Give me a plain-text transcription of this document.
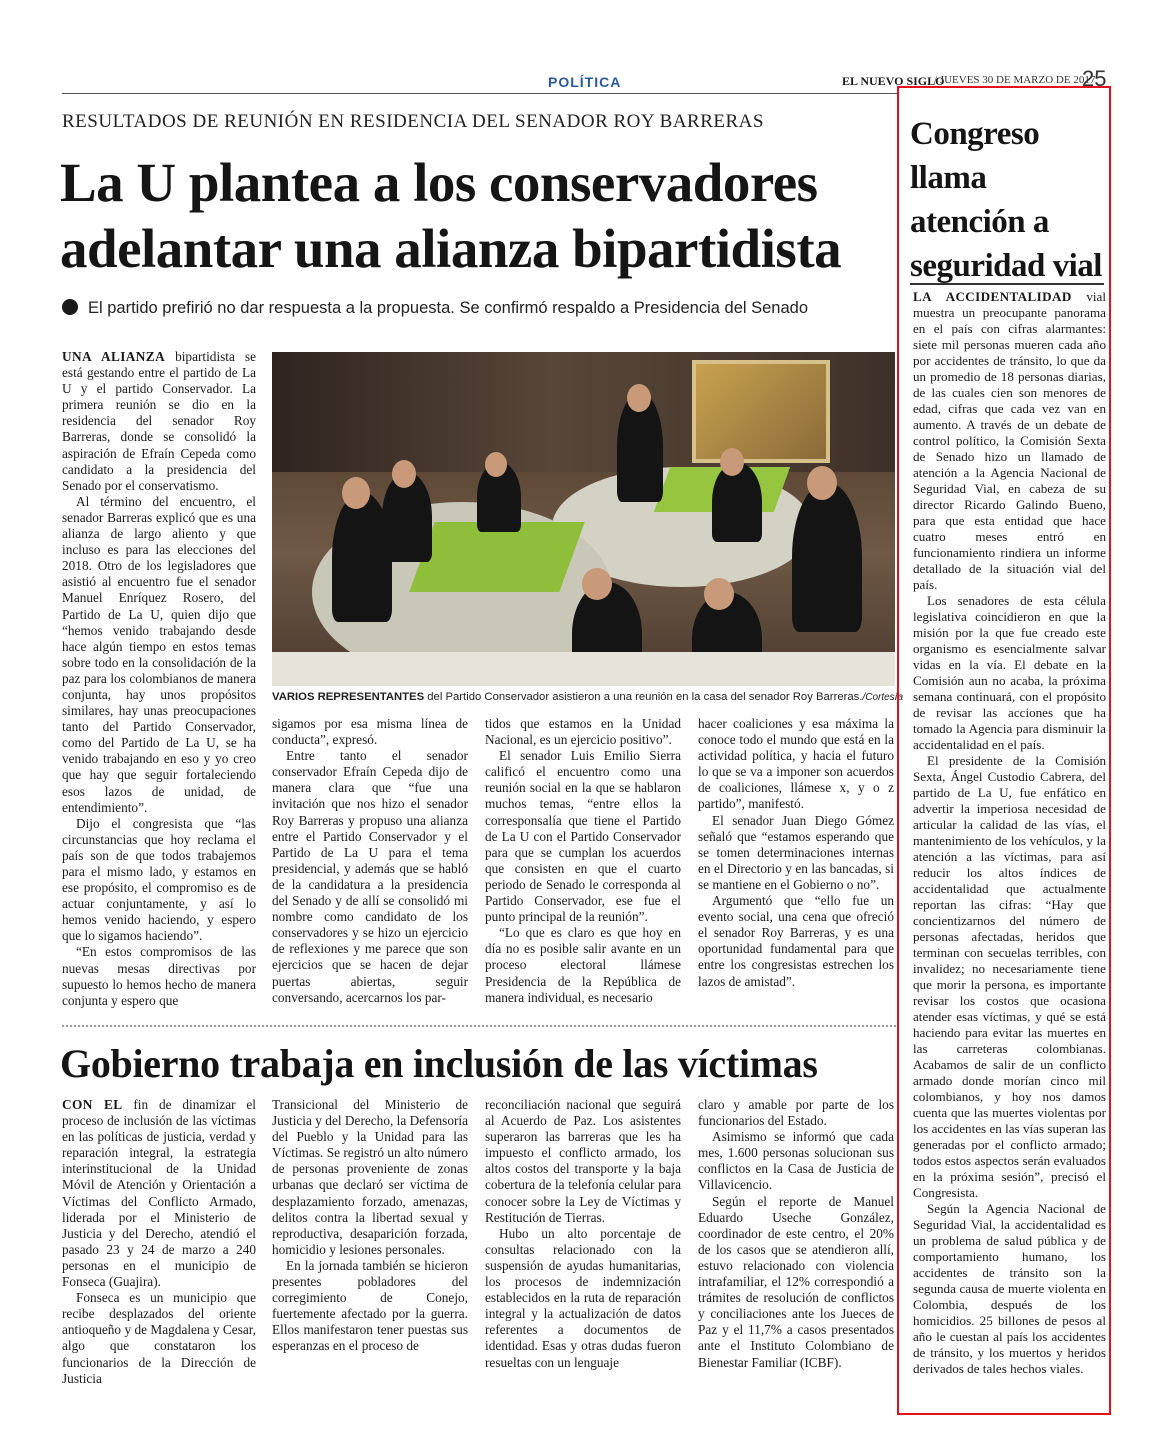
POLÍTICA	EL NUEVO SIGLO
/ JUEVES 30 DE MARZO DE 2017
25
RESULTADOS DE REUNIÓN EN RESIDENCIA DEL SENADOR ROY BARRERAS
La U plantea a los conservadores
adelantar una alianza bipartidista
El partido prefirió no dar respuesta a la propuesta. Se confirmó respaldo a Presidencia del Senado

UNA ALIANZA bipartidista se está gestando entre el partido de La U y el partido Conservador. La primera reunión se dio en la residencia del senador Roy Barreras, donde se consolidó la aspiración de Efraín Cepeda como candidato a la presidencia del Senado por el conservatismo.

Al término del encuentro, el senador Barreras explicó que es una alianza de largo aliento y que incluso es para las elecciones del 2018. Otro de los legisladores que asistió al encuentro fue el senador Manuel Enríquez Rosero, del Partido de La U, quien dijo que “hemos venido trabajando desde hace algún tiempo en estos temas sobre todo en la consolidación de la paz para los colombianos de manera conjunta, hay unos propósitos similares, hay unas preocupaciones tanto del Partido Conservador, como del Partido de La U, se ha venido trabajando en eso y yo creo que hay que seguir fortaleciendo esos lazos de unidad, de entendimiento”.

Dijo el congresista que “las circunstancias que hoy reclama el país son de que todos trabajemos para el mismo lado, y estamos en ese propósito, el compromiso es de actuar conjuntamente, y así lo hemos venido haciendo, y espero que lo sigamos haciendo”.

“En estos compromisos de las nuevas mesas directivas por supuesto lo hemos hecho de manera conjunta y espero que

VARIOS REPRESENTANTES del Partido Conservador asistieron a una reunión en la casa del senador Roy Barreras./Cortesía

sigamos por esa misma línea de conducta”, expresó.

Entre tanto el senador conservador Efraín Cepeda dijo de manera clara que “fue una invitación que nos hizo el senador Roy Barreras y propuso una alianza entre el Partido Conservador y el Partido de La U para el tema presidencial, y además que se habló de la candidatura a la presidencia del Senado y de allí se consolidó mi nombre como candidato de los conservadores y se hizo un ejercicio de reflexiones y me parece que son ejercicios que se hacen de dejar puertas abiertas, seguir conversando, acercarnos los par-

tidos que estamos en la Unidad Nacional, es un ejercicio positivo”.

El senador Luis Emilio Sierra calificó el encuentro como una reunión social en la que se hablaron muchos temas, “entre ellos la corresponsalía que tiene el Partido de La U con el Partido Conservador para que se cumplan los acuerdos que consisten en que el cuarto periodo de Senado le corresponda al Partido Conservador, ese fue el punto principal de la reunión”.

“Lo que es claro es que hoy en día no es posible salir avante en un proceso electoral llámese Presidencia de la República de manera individual, es necesario

hacer coaliciones y esa máxima la conoce todo el mundo que está en la actividad política, y hacia el futuro lo que se va a imponer son acuerdos de coaliciones, llámese x, y o z partido”, manifestó.

El senador Juan Diego Gómez señaló que “estamos esperando que se tomen determinaciones internas en el Directorio y en las bancadas, si se mantiene en el Gobierno o no”.

Argumentó que “ello fue un evento social, una cena que ofreció el senador Roy Barreras, y es una oportunidad fundamental para que entre los congresistas estrechen los lazos de amistad”.

Gobierno trabaja en inclusión de las víctimas

CON EL fin de dinamizar el proceso de inclusión de las víctimas en las políticas de justicia, verdad y reparación integral, la estrategia interinstitucional de la Unidad Móvil de Atención y Orientación a Víctimas del Conflicto Armado, liderada por el Ministerio de Justicia y del Derecho, atendió el pasado 23 y 24 de marzo a 240 personas en el municipio de Fonseca (Guajira).

Fonseca es un municipio que recibe desplazados del oriente antioqueño y de Magdalena y Cesar, algo que constataron los funcionarios de la Dirección de Justicia

Transicional del Ministerio de Justicia y del Derecho, la Defensoría del Pueblo y la Unidad para las Víctimas. Se registró un alto número de personas proveniente de zonas urbanas que declaró ser víctima de desplazamiento forzado, amenazas, delitos contra la libertad sexual y reproductiva, desaparición forzada, homicidio y lesiones personales.

En la jornada también se hicieron presentes pobladores del corregimiento de Conejo, fuertemente afectado por la guerra. Ellos manifestaron tener puestas sus esperanzas en el proceso de

reconciliación nacional que seguirá al Acuerdo de Paz. Los asistentes superaron las barreras que les ha impuesto el conflicto armado, los altos costos del transporte y la baja cobertura de la telefonía celular para conocer sobre la Ley de Víctimas y Restitución de Tierras.

Hubo un alto porcentaje de consultas relacionado con la suspensión de ayudas humanitarias, los procesos de indemnización establecidos en la ruta de reparación integral y la actualización de datos referentes a documentos de identidad. Esas y otras dudas fueron resueltas con un lenguaje

claro y amable por parte de los funcionarios del Estado.

Asimismo se informó que cada mes, 1.600 personas solucionan sus conflictos en la Casa de Justicia de Villavicencio.

Según el reporte de Manuel Eduardo Useche González, coordinador de este centro, el 20% de los casos que se atendieron allí, estuvo relacionado con violencia intrafamiliar, el 12% correspondió a trámites de resolución de conflictos y conciliaciones ante los Jueces de Paz y el 11,7% a casos presentados ante el Instituto Colombiano de Bienestar Familiar (ICBF).

Congreso
llama
atención a
seguridad vial

LA ACCIDENTALIDAD vial muestra un preocupante panorama en el país con cifras alarmantes: siete mil personas mueren cada año por accidentes de tránsito, lo que da un promedio de 18 personas diarias, de las cuales cien son menores de edad, cifras que cada vez van en aumento. A través de un debate de control político, la Comisión Sexta de Senado hizo un llamado de atención a la Agencia Nacional de Seguridad Vial, en cabeza de su director Ricardo Galindo Bueno, para que esta entidad que hace cuatro meses entró en funcionamiento rindiera un informe detallado de la situación vial del país.

Los senadores de esta célula legislativa coincidieron en que la misión por la que fue creado este organismo es esencialmente salvar vidas en la vía. El debate en la Comisión aun no acaba, la próxima semana continuará, con el propósito de revisar las acciones que ha tomado la Agencia para disminuir la accidentalidad en el país.

El presidente de la Comisión Sexta, Ángel Custodio Cabrera, del partido de La U, fue enfático en advertir la imperiosa necesidad de articular la calidad de las vías, el mantenimiento de los vehículos, y la atención a las víctimas, para así reducir los altos índices de accidentalidad que actualmente reportan las cifras: “Hay que concientizarnos del número de personas afectadas, heridos que terminan con secuelas terribles, con invalidez; no necesariamente tiene que morir la persona, es importante revisar los costos que ocasiona atender esas víctimas, y qué se está haciendo para evitar las muertes en las carreteras colombianas. Acabamos de salir de un conflicto armado donde morían cinco mil colombianos, y hoy nos damos cuenta que las muertes violentas por los accidentes en las vías superan las generadas por el conflicto armado; todos estos aspectos serán evaluados en la próxima sesión”, precisó el Congresista.

Según la Agencia Nacional de Seguridad Vial, la accidentalidad es un problema de salud pública y de comportamiento humano, los accidentes de tránsito son la segunda causa de muerte violenta en Colombia, después de los homicidios. 25 billones de pesos al año le cuestan al país los accidentes de tránsito, y los muertos y heridos derivados de tales hechos viales.
